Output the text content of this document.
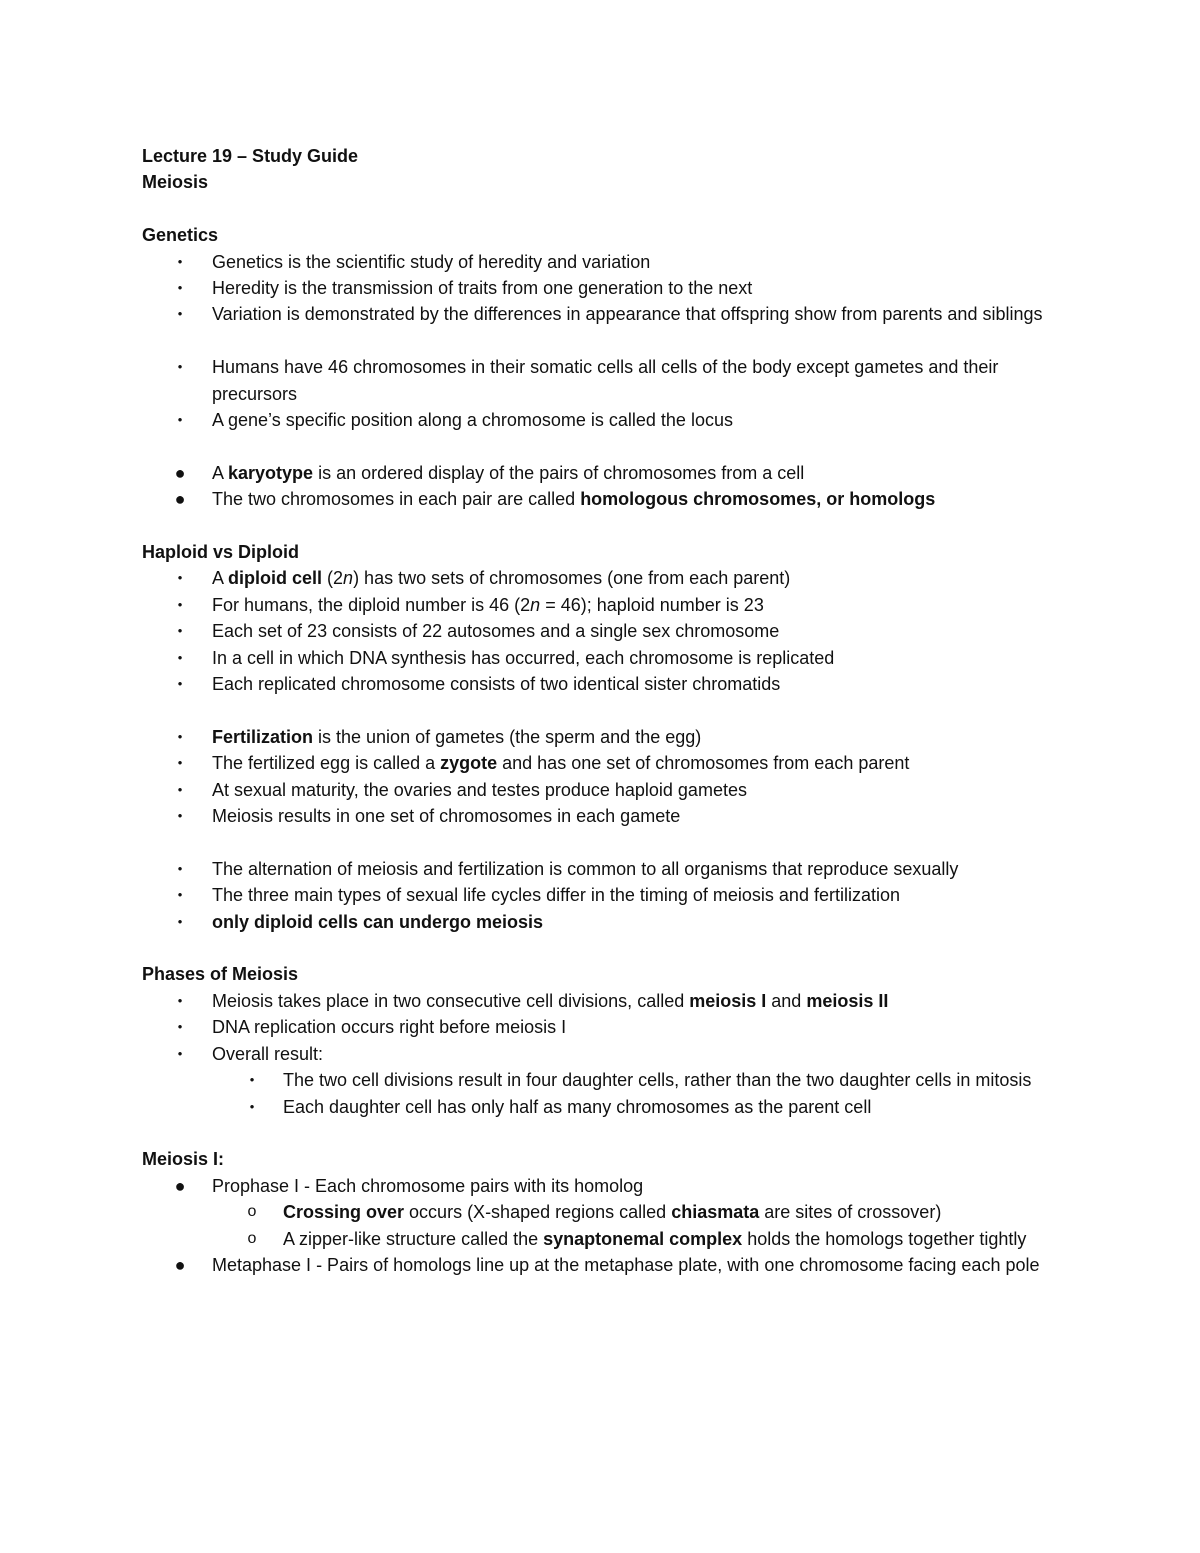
Lecture 19 – Study Guide
Meiosis
Genetics
• Genetics is the scientific study of heredity and variation
• Heredity is the transmission of traits from one generation to the next
• Variation is demonstrated by the differences in appearance that offspring show from parents and siblings
• Humans have 46 chromosomes in their somatic cells all cells of the body except gametes and their precursors
• A gene’s specific position along a chromosome is called the locus
● A karyotype is an ordered display of the pairs of chromosomes from a cell
● The two chromosomes in each pair are called homologous chromosomes, or homologs
Haploid vs Diploid
• A diploid cell (2n) has two sets of chromosomes (one from each parent)
• For humans, the diploid number is 46 (2n = 46); haploid number is 23
• Each set of 23 consists of 22 autosomes and a single sex chromosome
• In a cell in which DNA synthesis has occurred, each chromosome is replicated
• Each replicated chromosome consists of two identical sister chromatids
• Fertilization is the union of gametes (the sperm and the egg)
• The fertilized egg is called a zygote and has one set of chromosomes from each parent
• At sexual maturity, the ovaries and testes produce haploid gametes
• Meiosis results in one set of chromosomes in each gamete
• The alternation of meiosis and fertilization is common to all organisms that reproduce sexually
• The three main types of sexual life cycles differ in the timing of meiosis and fertilization
• only diploid cells can undergo meiosis
Phases of Meiosis
• Meiosis takes place in two consecutive cell divisions, called meiosis I and meiosis II
• DNA replication occurs right before meiosis I
• Overall result:
• The two cell divisions result in four daughter cells, rather than the two daughter cells in mitosis
• Each daughter cell has only half as many chromosomes as the parent cell
Meiosis I:
● Prophase I - Each chromosome pairs with its homolog
o Crossing over occurs (X-shaped regions called chiasmata are sites of crossover)
o A zipper-like structure called the synaptonemal complex holds the homologs together tightly
● Metaphase I - Pairs of homologs line up at the metaphase plate, with one chromosome facing each pole
